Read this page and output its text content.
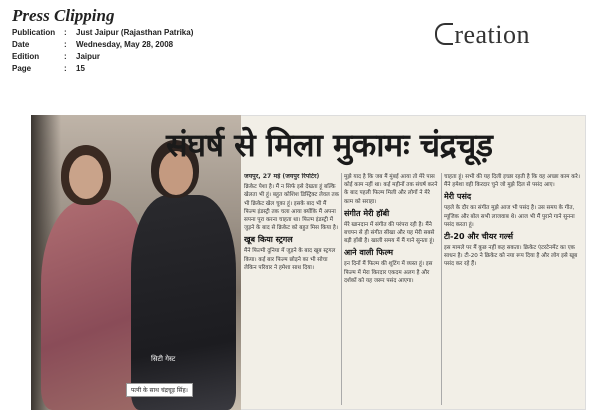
Press Clipping
Publication	: Just Jaipur (Rajasthan Patrika)
Date	: Wednesday, May 28, 2008
Edition	: Jaipur
Page	: 15
reation
सिटी गेस्ट
पत्नी के साथ चंद्रचूड़ सिंह।
संघर्ष से मिला मुकामः चंद्रचूड़

जयपुर, 27 मई (जयपुर रिपोर्टर)

क्रिकेट पेशा है। मैं न सिर्फ इसे देखता हूं बल्कि खेलता भी हूं। बहुत कोशिश डिस्ट्रिक्ट लेवल तक भी क्रिकेट खेल चुका हूं। इसके बाद भी मैं फिल्म इंडस्ट्री तक चला आया क्योंकि मैं अपना सपना पूरा करना चाहता था। फिल्म इंडस्ट्री में जुड़ने के बाद से क्रिकेट को बहुत मिस किया है।

खूब किया स्ट्रगल

मैंने फिल्मी दुनिया में जुड़ने के बाद खूब स्ट्रगल किया। कई बार फिल्म छोड़ने का भी सोचा लेकिन परिवार ने हमेशा साथ दिया।

मुझे याद है कि जब मैं मुंबई आया तो मेरे पास कोई काम नहीं था। कई महीनों तक संघर्ष करने के बाद पहली फिल्म मिली और लोगों ने मेरे काम को सराहा।

संगीत मेरी हॉबी

मेरे खानदान में संगीत की परंपरा रही है। मैंने बचपन से ही संगीत सीखा और यह मेरी सबसे बड़ी हॉबी है। खाली समय में मैं गाने सुनता हूं।

आने वाली फिल्म

इन दिनों मैं फिल्म की शूटिंग में व्यस्त हूं। इस फिल्म में मेरा किरदार एकदम अलग है और दर्शकों को यह जरूर पसंद आएगा।

चाहता हूं। सभी की यह दिली इच्छा रहती है कि वह अच्छा काम करे। मैंने हमेशा वही किरदार चुने जो मुझे दिल से पसंद आए।

मेरी पसंद

पहले के दौर का संगीत मुझे आज भी पसंद है। उस समय के गीत, म्यूजिक और बोल सभी लाजवाब थे। आज भी मैं पुराने गाने सुनना पसंद करता हूं।

टी-20 और चीयर गर्ल्स

इस मामले पर मैं कुछ नहीं कह सकता। क्रिकेट एंटरटेनमेंट का एक साधन है। टी-20 ने क्रिकेट को नया रूप दिया है और लोग इसे खूब पसंद कर रहे हैं।
